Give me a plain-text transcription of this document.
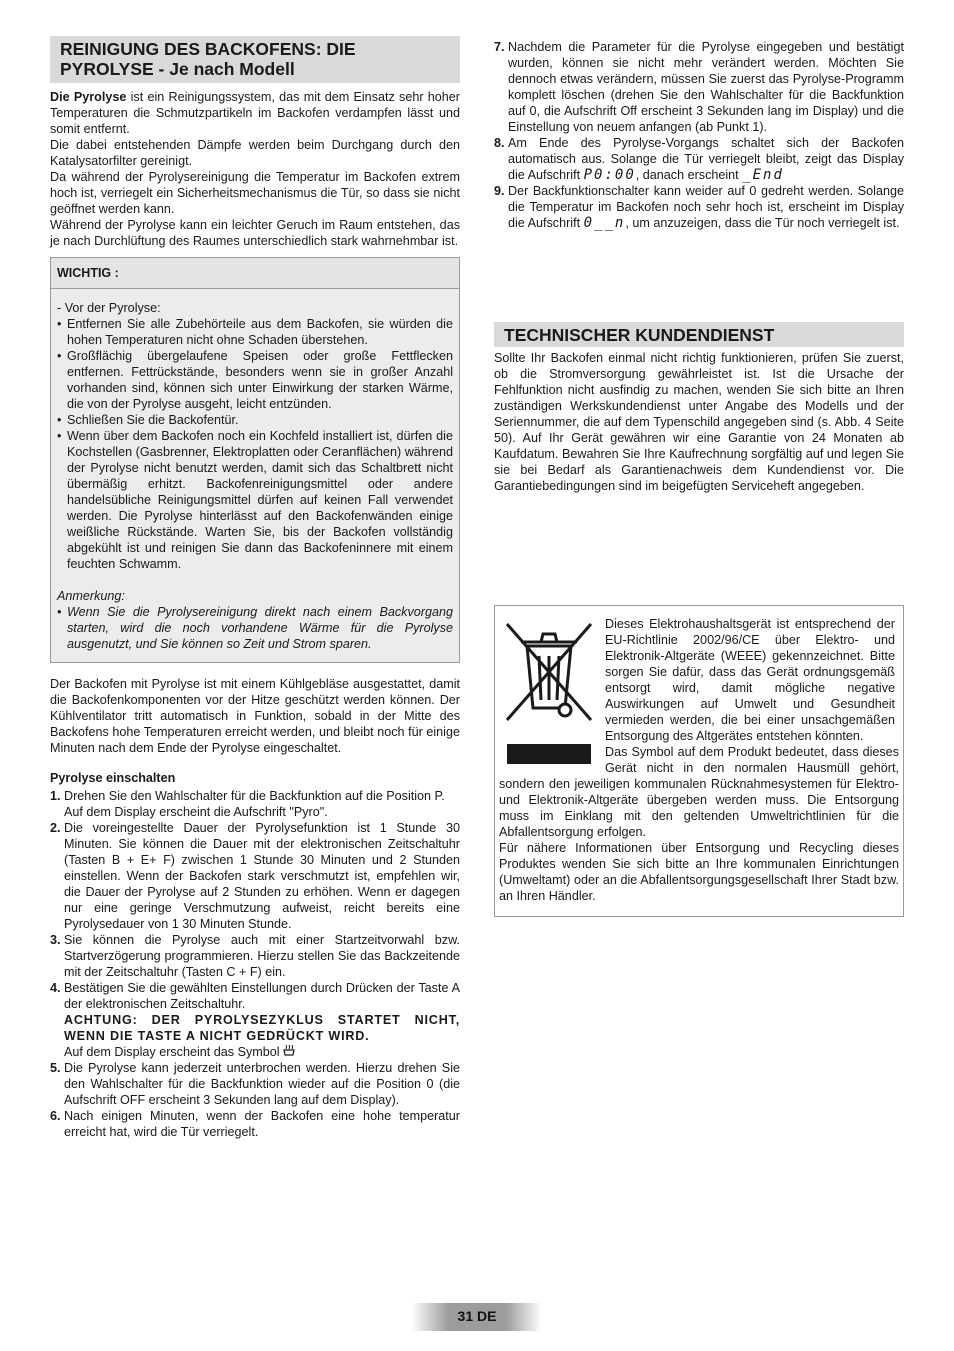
REINIGUNG DES BACKOFENS: DIE PYROLYSE - Je nach Modell

Die Pyrolyse ist ein Reinigungssystem, das mit dem Einsatz sehr hoher Temperaturen die Schmutzpartikeln im Backofen verdampfen lässt und somit entfernt.

Die dabei entstehenden Dämpfe werden beim Durchgang durch den Katalysatorfilter gereinigt.

Da während der Pyrolysereinigung die Temperatur im Backofen extrem hoch ist, verriegelt ein Sicherheitsmechanismus die Tür, so dass sie nicht geöffnet werden kann.

Während der Pyrolyse kann ein leichter Geruch im Raum entstehen, das je nach Durchlüftung des Raumes unterschiedlich stark wahrnehmbar ist.

WICHTIG :
- Vor der Pyrolyse:
• Entfernen Sie alle Zubehörteile aus dem Backofen, sie würden die hohen Temperaturen nicht ohne Schaden überstehen.
• Großflächig übergelaufene Speisen oder große Fettflecken entfernen. Fettrückstände, besonders wenn sie in großer Anzahl vorhanden sind, können sich unter Einwirkung der starken Wärme, die von der Pyrolyse ausgeht, leicht entzünden.
• Schließen Sie die Backofentür.
• Wenn über dem Backofen noch ein Kochfeld installiert ist, dürfen die Kochstellen (Gasbrenner, Elektroplatten oder Ceranflächen) während der Pyrolyse nicht benutzt werden, damit sich das Schaltbrett nicht übermäßig erhitzt. Backofenreinigungsmittel oder andere handelsübliche Reinigungsmittel dürfen auf keinen Fall verwendet werden. Die Pyrolyse hinterlässt auf den Backofenwänden einige weißliche Rückstände. Warten Sie, bis der Backofen vollständig abgekühlt ist und reinigen Sie dann das Backofeninnere mit einem feuchten Schwamm.
Anmerkung:
• Wenn Sie die Pyrolysereinigung direkt nach einem Backvorgang starten, wird die noch vorhandene Wärme für die Pyrolyse ausgenutzt, und Sie können so Zeit und Strom sparen.

Der Backofen mit Pyrolyse ist mit einem Kühlgebläse ausgestattet, damit die Backofenkomponenten vor der Hitze geschützt werden können. Der Kühlventilator tritt automatisch in Funktion, sobald in der Mitte des Backofens hohe Temperaturen erreicht werden, und bleibt noch für einige Minuten nach dem Ende der Pyrolyse eingeschaltet.

Pyrolyse einschalten
1. Drehen Sie den Wahlschalter für die Backfunktion auf die Position P.
Auf dem Display erscheint die Aufschrift "Pyro".
2. Die voreingestellte Dauer der Pyrolysefunktion ist 1 Stunde 30 Minuten. Sie können die Dauer mit der elektronischen Zeitschaltuhr (Tasten B + E+ F) zwischen 1 Stunde 30 Minuten und 2 Stunden einstellen. Wenn der Backofen stark verschmutzt ist, empfehlen wir, die Dauer der Pyrolyse auf 2 Stunden zu erhöhen. Wenn er dagegen nur eine geringe Verschmutzung aufweist, reicht bereits eine Pyrolysedauer von 1 30 Minuten Stunde.
3. Sie können die Pyrolyse auch mit einer Startzeitvorwahl bzw. Startverzögerung programmieren. Hierzu stellen Sie das Backzeitende mit der Zeitschaltuhr (Tasten C + F) ein.
4. Bestätigen Sie die gewählten Einstellungen durch Drücken der Taste A der elektronischen Zeitschaltuhr.
ACHTUNG: DER PYROLYSEZYKLUS STARTET NICHT, WENN DIE TASTE A NICHT GEDRÜCKT WIRD.
Auf dem Display erscheint das Symbol
5. Die Pyrolyse kann jederzeit unterbrochen werden. Hierzu drehen Sie den Wahlschalter für die Backfunktion wieder auf die Position 0 (die Aufschrift OFF erscheint 3 Sekunden lang auf dem Display).
6. Nach einigen Minuten, wenn der Backofen eine hohe temperatur erreicht hat, wird die Tür verriegelt.
7. Nachdem die Parameter für die Pyrolyse eingegeben und bestätigt wurden, können sie nicht mehr verändert werden. Möchten Sie dennoch etwas verändern, müssen Sie zuerst das Pyrolyse-Programm komplett löschen (drehen Sie den Wahlschalter für die Backfunktion auf 0, die Aufschrift Off erscheint 3 Sekunden lang im Display) und die Einstellung von neuem anfangen (ab Punkt 1).
8. Am Ende des Pyrolyse-Vorgangs schaltet sich der Backofen automatisch aus. Solange die Tür verriegelt bleibt, zeigt das Display die Aufschrift P0:00, danach erscheint _End
9. Der Backfunktionschalter kann weider auf 0 gedreht werden. Solange die Temperatur im Backofen noch sehr hoch ist, erscheint im Display die Aufschrift 0__n, um anzuzeigen, dass die Tür noch verriegelt ist.
TECHNISCHER KUNDENDIENST

Sollte Ihr Backofen einmal nicht richtig funktionieren, prüfen Sie zuerst, ob die Stromversorgung gewährleistet ist. Ist die Ursache der Fehlfunktion nicht ausfindig zu machen, wenden Sie sich bitte an Ihren zuständigen Werkskundendienst unter Angabe des Modells und der Seriennummer, die auf dem Typenschild angegeben sind (s. Abb. 4 Seite 50). Auf Ihr Gerät gewähren wir eine Garantie von 24 Monaten ab Kaufdatum. Bewahren Sie Ihre Kaufrechnung sorgfältig auf und legen Sie sie bei Bedarf als Garantienachweis dem Kundendienst vor. Die Garantiebedingungen sind im beigefügten Serviceheft angegeben.

Dieses Elektrohaushaltsgerät ist entsprechend der EU-Richtlinie 2002/96/CE über Elektro- und Elektronik-Altgeräte (WEEE) gekennzeichnet. Bitte sorgen Sie dafür, dass das Gerät ordnungsgemäß entsorgt wird, damit mögliche negative Auswirkungen auf Umwelt und Gesundheit vermieden werden, die bei einer unsachgemäßen Entsorgung des Altgerätes entstehen könnten.

Das Symbol auf dem Produkt bedeutet, dass dieses Gerät nicht in den normalen Hausmüll gehört, sondern den jeweiligen kommunalen Rücknahmesystemen für Elektro- und Elektronik-Altgeräte übergeben werden muss. Die Entsorgung muss im Einklang mit den geltenden Umweltrichtlinien für die Abfallentsorgung erfolgen.

Für nähere Informationen über Entsorgung und Recycling dieses Produktes wenden Sie sich bitte an Ihre kommunalen Einrichtungen (Umweltamt) oder an die Abfallentsorgungsgesellschaft Ihrer Stadt bzw. an Ihren Händler.

31 DE
